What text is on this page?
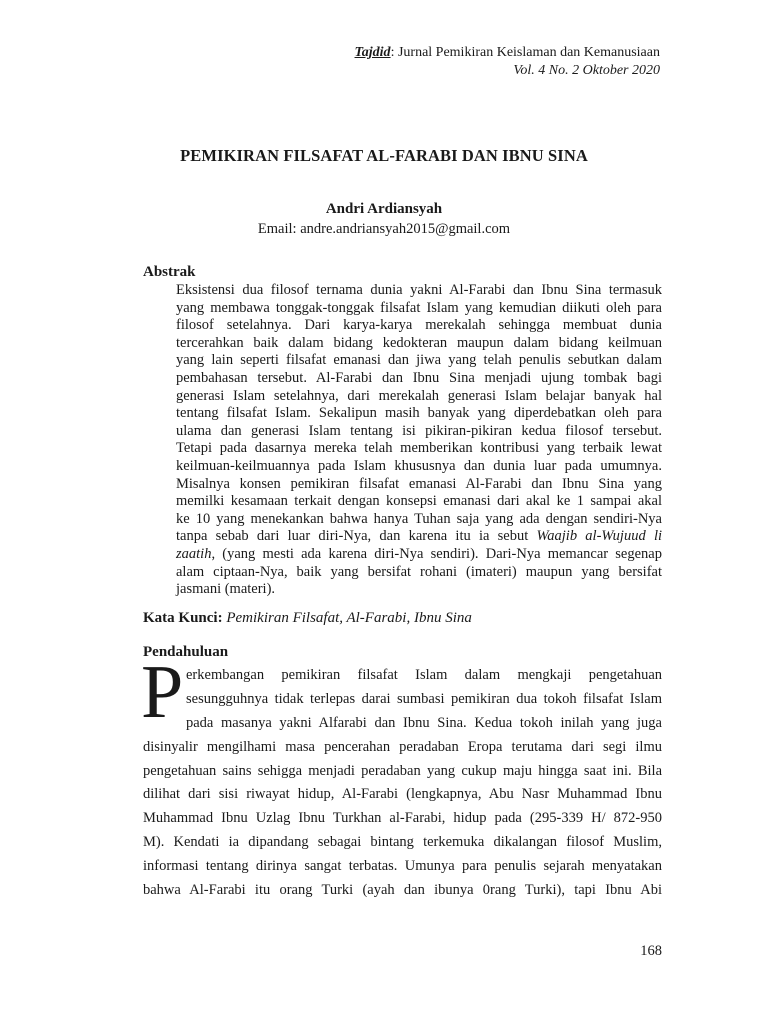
Tajdid: Jurnal Pemikiran Keislaman dan Kemanusiaan
Vol. 4 No. 2 Oktober 2020
PEMIKIRAN FILSAFAT AL-FARABI DAN IBNU SINA
Andri Ardiansyah
Email: andre.andriansyah2015@gmail.com
Abstrak
Eksistensi dua filosof ternama dunia yakni Al-Farabi dan Ibnu Sina termasuk
yang membawa tonggak-tonggak filsafat Islam yang kemudian diikuti oleh para
filosof setelahnya. Dari karya-karya merekalah sehingga membuat dunia
tercerahkan baik dalam bidang kedokteran maupun dalam bidang keilmuan
yang lain seperti filsafat emanasi dan jiwa yang telah penulis sebutkan dalam
pembahasan tersebut. Al-Farabi dan Ibnu Sina menjadi ujung tombak bagi
generasi Islam setelahnya, dari merekalah generasi Islam belajar banyak hal
tentang filsafat Islam. Sekalipun masih banyak yang diperdebatkan oleh para
ulama dan generasi Islam tentang isi pikiran-pikiran kedua filosof tersebut.
Tetapi pada dasarnya mereka telah memberikan kontribusi yang terbaik lewat
keilmuan-keilmuannya pada Islam khususnya dan dunia luar pada umumnya.
Misalnya konsen pemikiran filsafat emanasi Al-Farabi dan Ibnu Sina yang
memilki kesamaan terkait dengan konsepsi emanasi dari akal ke 1 sampai akal
ke 10 yang menekankan bahwa hanya Tuhan saja yang ada dengan sendiri-Nya
tanpa sebab dari luar diri-Nya, dan karena itu ia sebut Waajib al-Wujuud li
zaatih, (yang mesti ada karena diri-Nya sendiri). Dari-Nya memancar segenap
alam ciptaan-Nya, baik yang bersifat rohani (imateri) maupun yang bersifat
jasmani (materi).
Kata Kunci: Pemikiran Filsafat, Al-Farabi, Ibnu Sina
Pendahuluan
P erkembangan pemikiran filsafat Islam dalam mengkaji pengetahuan
sesungguhnya tidak terlepas darai sumbasi pemikiran dua tokoh filsafat Islam
pada masanya yakni Alfarabi dan Ibnu Sina. Kedua tokoh inilah yang juga
disinyalir mengilhami masa pencerahan peradaban Eropa terutama dari segi ilmu
pengetahuan sains sehigga menjadi peradaban yang cukup maju hingga saat ini. Bila
dilihat dari sisi riwayat hidup, Al-Farabi (lengkapnya, Abu Nasr Muhammad Ibnu
Muhammad Ibnu Uzlag Ibnu Turkhan al-Farabi, hidup pada (295-339 H/ 872-950
M). Kendati ia dipandang sebagai bintang terkemuka dikalangan filosof Muslim,
informasi tentang dirinya sangat terbatas. Umunya para penulis sejarah menyatakan
bahwa Al-Farabi itu orang Turki (ayah dan ibunya 0rang Turki), tapi Ibnu Abi
168
